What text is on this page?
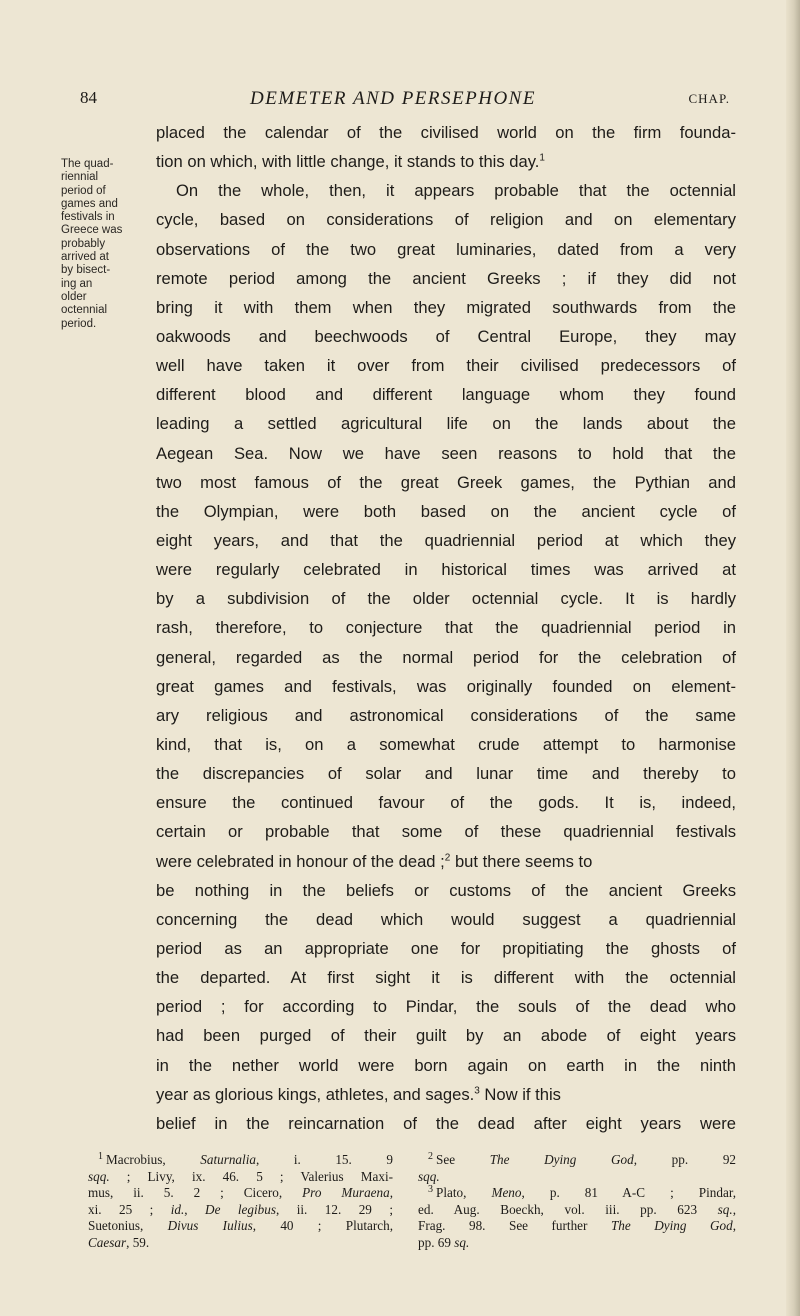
84	DEMETER AND PERSEPHONE	CHAP.
The quad-
riennial
period of
games and
festivals in
Greece was
probably
arrived at
by bisect-
ing an
older
octennial
period.
placed the calendar of the civilised world on the firm founda-
tion on which, with little change, it stands to this day.$^1$
On the whole, then, it appears probable that the octennial
cycle, based on considerations of religion and on elementary
observations of the two great luminaries, dated from a very
remote period among the ancient Greeks ; if they did not
bring it with them when they migrated southwards from the
oakwoods and beechwoods of Central Europe, they may
well have taken it over from their civilised predecessors of
different blood and different language whom they found
leading a settled agricultural life on the lands about the
Aegean Sea. Now we have seen reasons to hold that the
two most famous of the great Greek games, the Pythian and
the Olympian, were both based on the ancient cycle of
eight years, and that the quadriennial period at which they
were regularly celebrated in historical times was arrived at
by a subdivision of the older octennial cycle. It is hardly
rash, therefore, to conjecture that the quadriennial period in
general, regarded as the normal period for the celebration of
great games and festivals, was originally founded on element-
ary religious and astronomical considerations of the same
kind, that is, on a somewhat crude attempt to harmonise
the discrepancies of solar and lunar time and thereby to
ensure the continued favour of the gods. It is, indeed,
certain or probable that some of these quadriennial festivals
were celebrated in honour of the dead ;$^2$ but there seems to
be nothing in the beliefs or customs of the ancient Greeks
concerning the dead which would suggest a quadriennial
period as an appropriate one for propitiating the ghosts of
the departed. At first sight it is different with the octennial
period ; for according to Pindar, the souls of the dead who
had been purged of their guilt by an abode of eight years
in the nether world were born again on earth in the ninth
year as glorious kings, athletes, and sages.$^3$ Now if this
belief in the reincarnation of the dead after eight years were
$^1$ Macrobius, Saturnalia, i. 15. 9
sqq. ; Livy, ix. 46. 5 ; Valerius Maxi-
mus, ii. 5. 2 ; Cicero, Pro Muraena,
xi. 25 ; id., De legibus, ii. 12. 29 ;
Suetonius, Divus Iulius, 40 ; Plutarch,
Caesar, 59.
$^2$ See The Dying God, pp. 92
sqq.
$^3$ Plato, Meno, p. 81 A-C ; Pindar,
ed. Aug. Boeckh, vol. iii. pp. 623 sq.,
Frag. 98. See further The Dying God,
pp. 69 sq.
